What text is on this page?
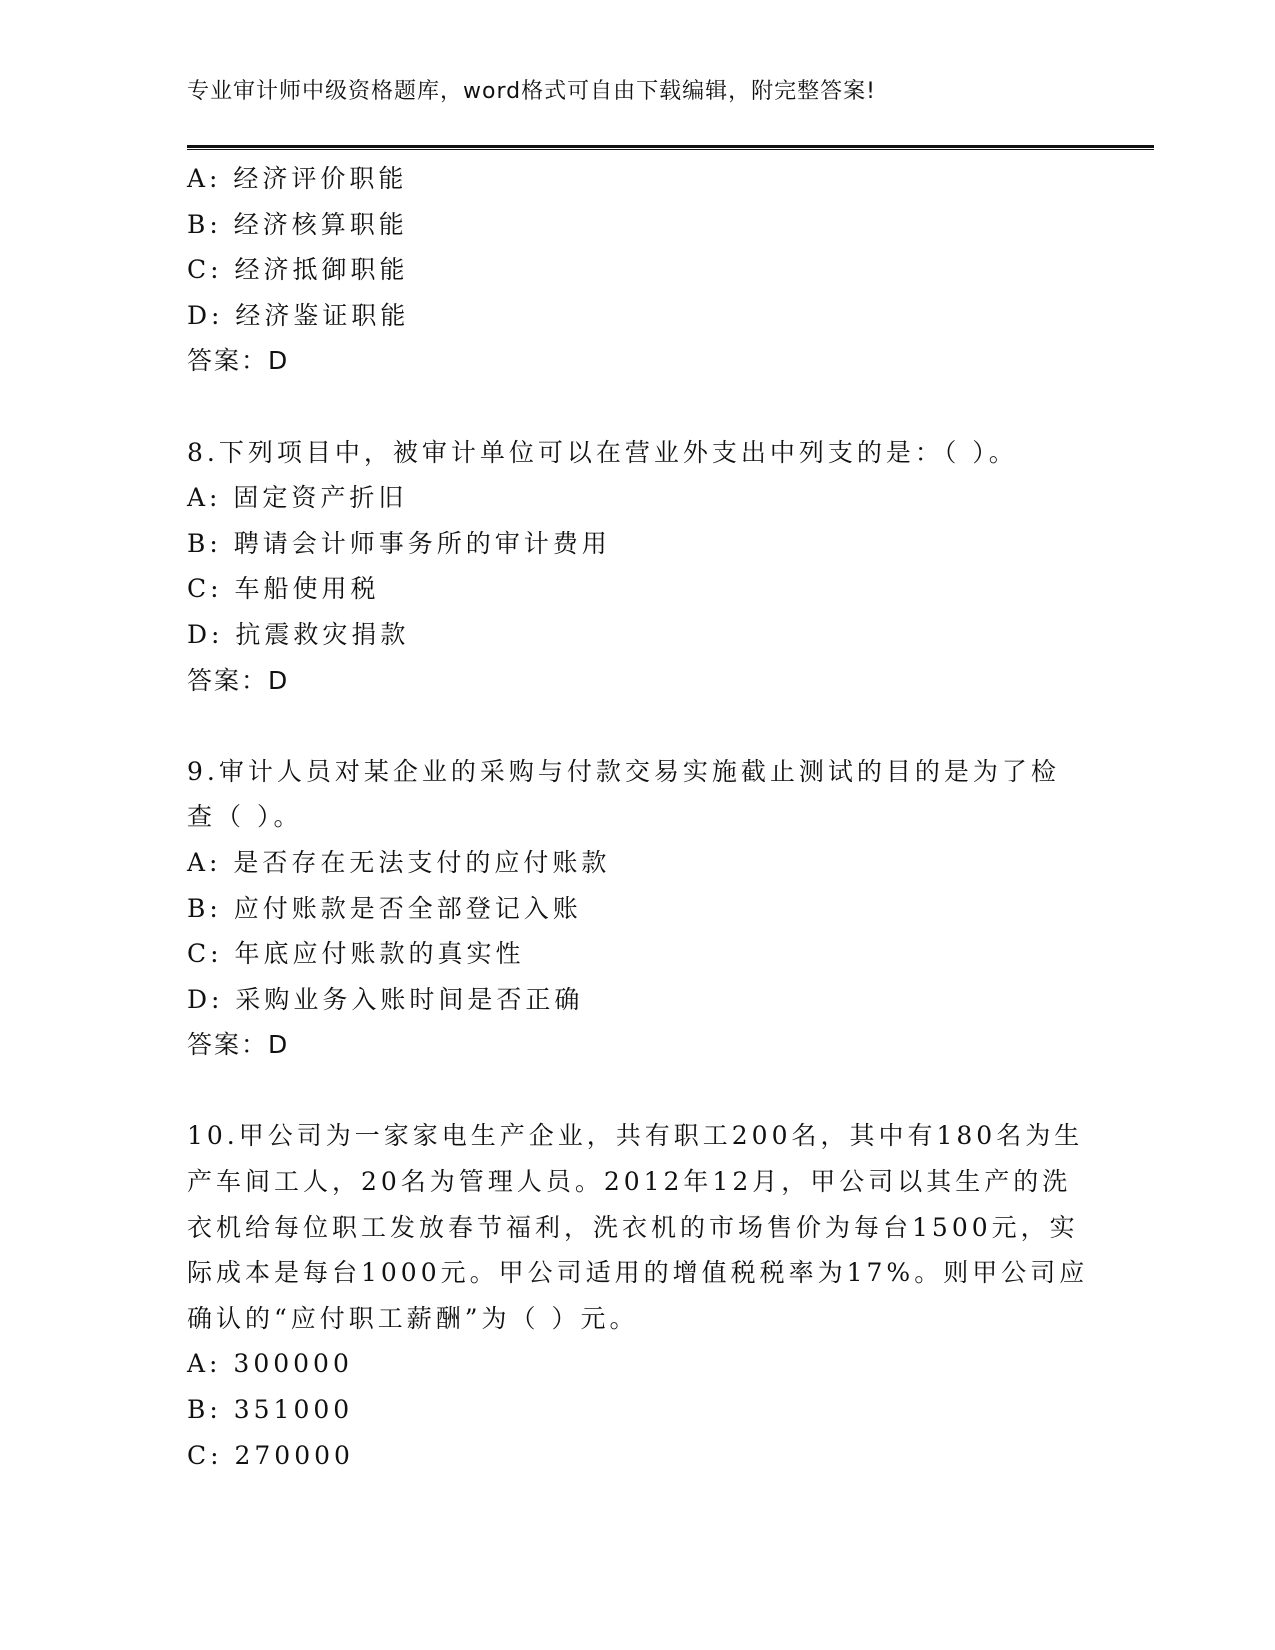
专业审计师中级资格题库，word格式可自由下载编辑，附完整答案!
A: 经济评价职能
B: 经济核算职能
C: 经济抵御职能
D: 经济鉴证职能
答案：D
8.下列项目中，被审计单位可以在营业外支出中列支的是：（ ）。
A: 固定资产折旧
B: 聘请会计师事务所的审计费用
C: 车船使用税
D: 抗震救灾捐款
答案：D
9.审计人员对某企业的采购与付款交易实施截止测试的目的是为了检
查（ ）。
A: 是否存在无法支付的应付账款
B: 应付账款是否全部登记入账
C: 年底应付账款的真实性
D: 采购业务入账时间是否正确
答案：D
10.甲公司为一家家电生产企业，共有职工200名，其中有180名为生
产车间工人，20名为管理人员。2012年12月，甲公司以其生产的洗
衣机给每位职工发放春节福利，洗衣机的市场售价为每台1500元，实
际成本是每台1000元。甲公司适用的增值税税率为17%。则甲公司应
确认的“应付职工薪酬”为（ ）元。
A: 300000
B: 351000
C: 270000
